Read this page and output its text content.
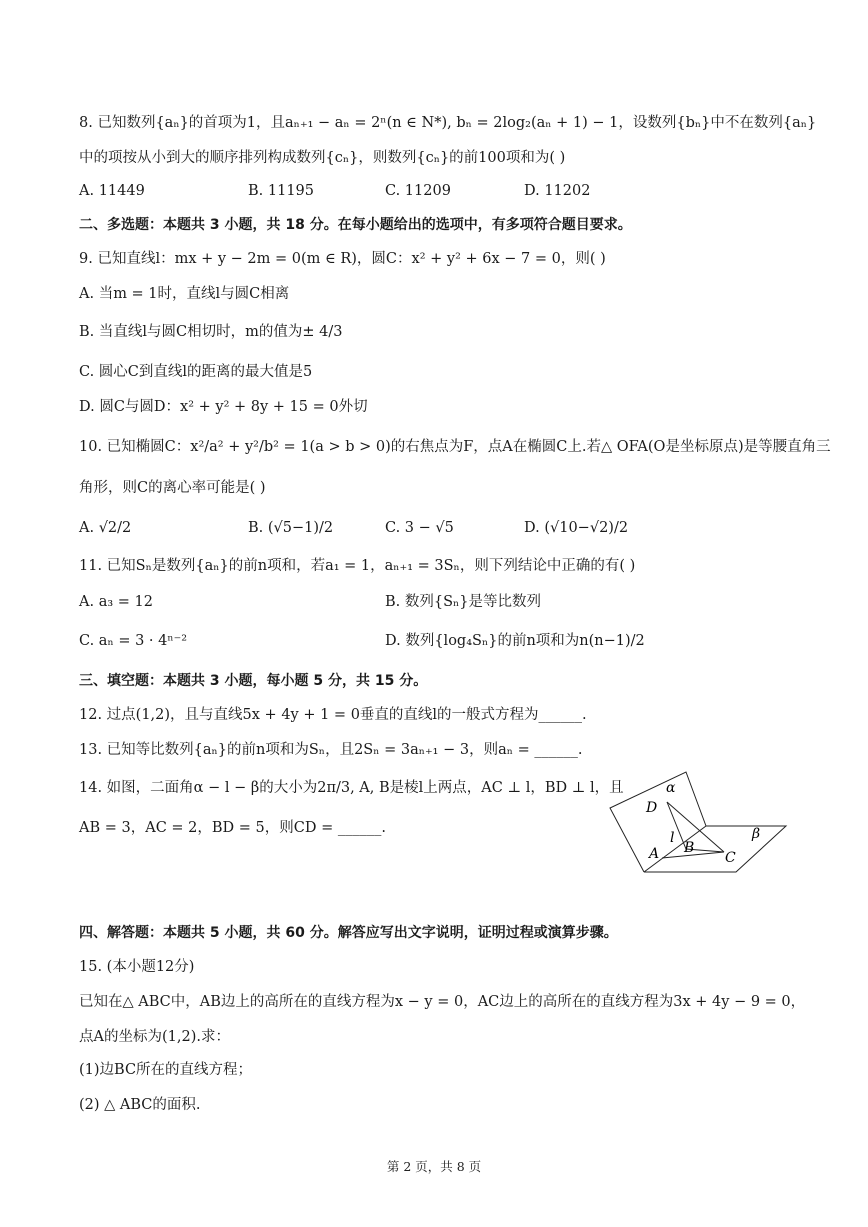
8. 已知数列{aₙ}的首项为1，且aₙ₊₁ − aₙ = 2ⁿ(n ∈ N*), bₙ = 2log₂(aₙ + 1) − 1，设数列{bₙ}中不在数列{aₙ}
中的项按从小到大的顺序排列构成数列{cₙ}，则数列{cₙ}的前100项和为( )
A. 11449	B. 11195	C. 11209	D. 11202
二、多选题：本题共 3 小题，共 18 分。在每小题给出的选项中，有多项符合题目要求。
9. 已知直线l：mx + y − 2m = 0(m ∈ R)，圆C：x² + y² + 6x − 7 = 0，则( )
A. 当m = 1时，直线l与圆C相离
B. 当直线l与圆C相切时，m的值为± 4/3
C. 圆心C到直线l的距离的最大值是5
D. 圆C与圆D：x² + y² + 8y + 15 = 0外切
10. 已知椭圆C：x²/a² + y²/b² = 1(a > b > 0)的右焦点为F，点A在椭圆C上.若△ OFA(O是坐标原点)是等腰直角三
角形，则C的离心率可能是( )
A. √2/2	B. (√5−1)/2	C. 3 − √5	D. (√10−√2)/2
11. 已知Sₙ是数列{aₙ}的前n项和，若a₁ = 1，aₙ₊₁ = 3Sₙ，则下列结论中正确的有( )
A. a₃ = 12	B. 数列{Sₙ}是等比数列
C. aₙ = 3 · 4ⁿ⁻²	D. 数列{log₄Sₙ}的前n项和为n(n−1)/2
三、填空题：本题共 3 小题，每小题 5 分，共 15 分。
12. 过点(1,2)，且与直线5x + 4y + 1 = 0垂直的直线l的一般式方程为______.
13. 已知等比数列{aₙ}的前n项和为Sₙ，且2Sₙ = 3aₙ₊₁ − 3，则aₙ = ______.
14. 如图，二面角α − l − β的大小为2π/3, A, B是棱l上两点，AC ⊥ l，BD ⊥ l，且
AB = 3，AC = 2，BD = 5，则CD = ______.
α
β
D
l
A B
C
四、解答题：本题共 5 小题，共 60 分。解答应写出文字说明，证明过程或演算步骤。
15. (本小题12分)
已知在△ ABC中，AB边上的高所在的直线方程为x − y = 0，AC边上的高所在的直线方程为3x + 4y − 9 = 0，
点A的坐标为(1,2).求：
(1)边BC所在的直线方程；
(2) △ ABC的面积.
第 2 页，共 8 页
